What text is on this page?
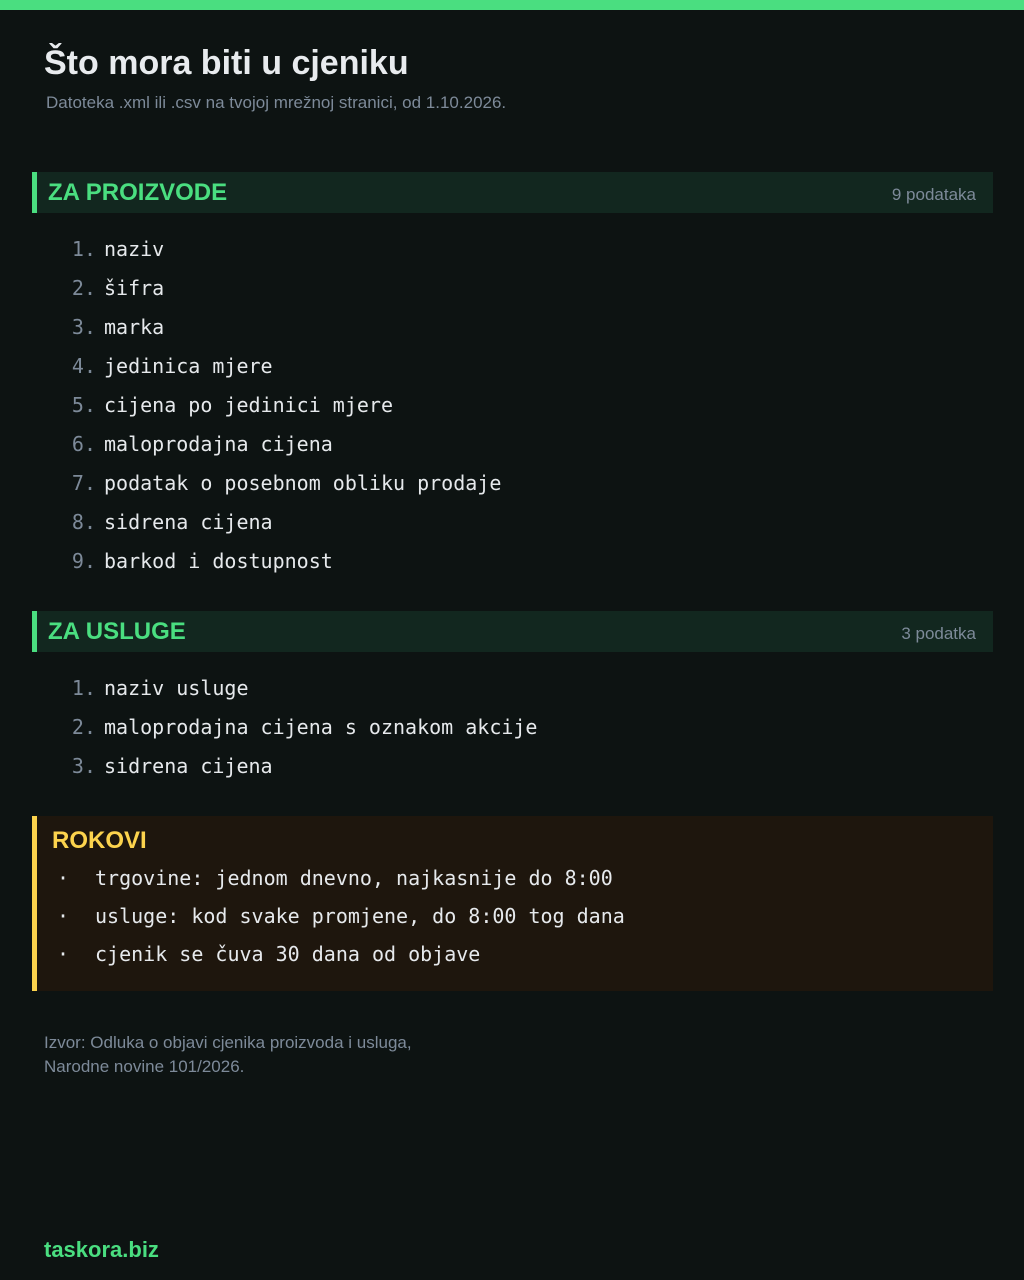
Što mora biti u cjeniku
Datoteka .xml ili .csv na tvojoj mrežnoj stranici, od 1.10.2026.
ZA PROIZVODE	9 podataka
1. naziv
2. šifra
3. marka
4. jedinica mjere
5. cijena po jedinici mjere
6. maloprodajna cijena
7. podatak o posebnom obliku prodaje
8. sidrena cijena
9. barkod i dostupnost
ZA USLUGE	3 podatka
1. naziv usluge
2. maloprodajna cijena s oznakom akcije
3. sidrena cijena
ROKOVI
· trgovine: jednom dnevno, najkasnije do 8:00
· usluge: kod svake promjene, do 8:00 tog dana
· cjenik se čuva 30 dana od objave
Izvor: Odluka o objavi cjenika proizvoda i usluga,
Narodne novine 101/2026.
taskora.biz
